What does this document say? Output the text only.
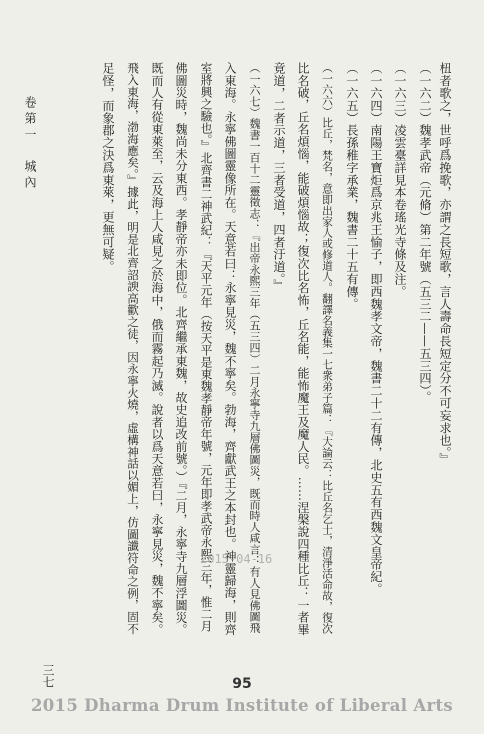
卷第一　城內
三七
杻者歌之，世呼爲挽歌，亦謂之長短歌，言人壽命長短定分不可妄求也。』
（一六二）魏孝武帝（元脩）第二年號（五三二——五三四）。
（一六三）凌雲臺詳見本卷瑤光寺條及注。
（一六四）南陽王寶炬爲京兆王愉子，即西魏孝文帝，魏書二十二有傳，北史五有西魏文皇帝紀。
（一六五）長孫稚字承業，魏書二十五有傳。
（一六六）比丘，梵名，意即出家人或修道人。翻譯名義集一七衆弟子篇：『大論云：比丘名乞士，清淨活命故，復次
比名破，丘名煩惱，能破煩惱故；復次比名怖，丘名能，能怖魔王及魔人民。……涅槃說四種比丘：一者畢
竟道，二者示道，三者受道，四者汙道。』
（一六七）魏書一百十二靈徵志：『出帝永熙三年（五三四）二月永寧寺九層佛圖災，既而時人咸言：有人見佛圖飛
入東海。永寧佛圖靈像所在。天意若曰：永寧見災，魏不寧矣。勃海，齊獻武王之本封也。神靈歸海，則齊
室將興之驗也。』北齊書二神武紀：『天平元年（按天平是東魏孝靜帝年號，元年即孝武帝永熙三年，惟二月
佛圖災時，魏尚未分東西。孝靜帝亦未即位。北齊繼承東魏，故史追改前號。）『二月，永寧寺九層浮圖災。
既而人有從東萊至，云及海上人咸見之於海中，俄而霧起乃滅。說者以爲天意若曰，永寧見災，魏不寧矣。
飛入東海，渤海應矣。』據此，明是北齊詔諛高歡之徒，因永寧火燒，虛構神話以媚上，仿圖讖符命之例，固不
足怪，而象郡之決爲東萊，更無可疑。
2015-04-16
95
2015 Dharma Drum Institute of Liberal Arts
